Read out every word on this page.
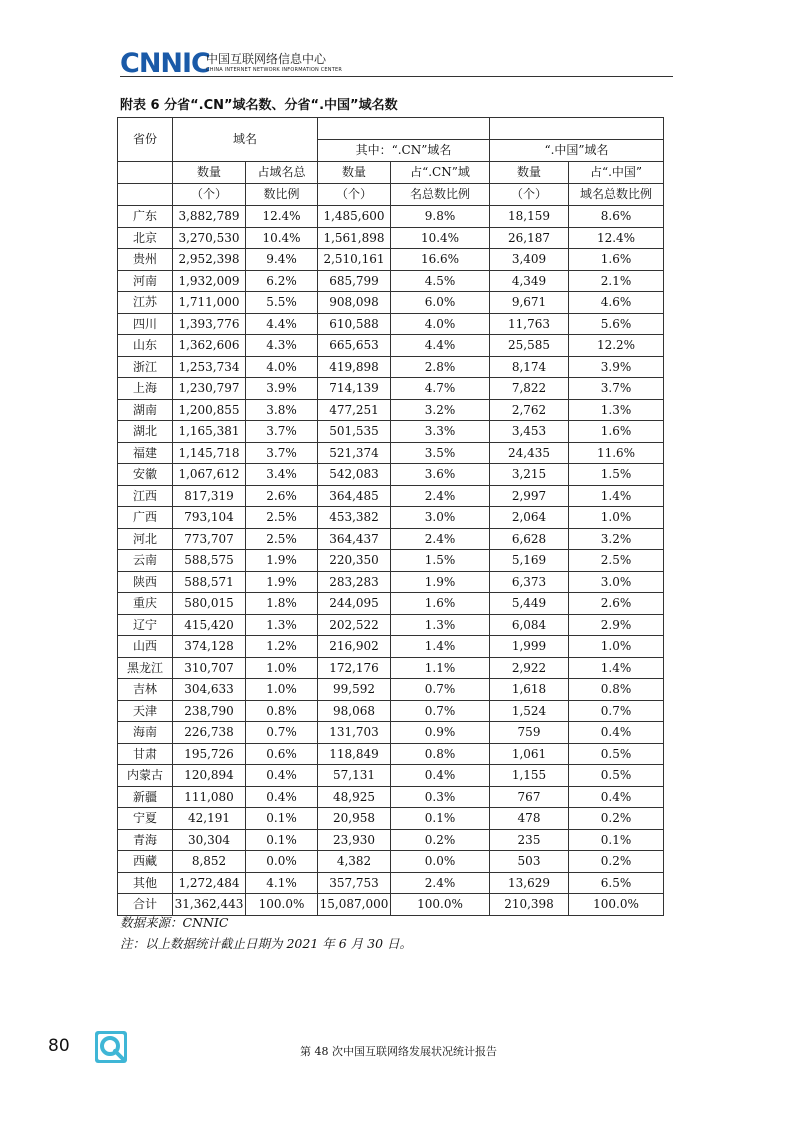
CNNIC
中国互联网络信息中心
CHINA INTERNET NETWORK INFORMATION CENTER
附表 6 分省“.CN”域名数、分省“.中国”域名数
省份	域名					
			其中：“.CN”域名		“.中国”域名	
	数量	占域名总	数量	占“.CN”域	数量	占“.中国”
	（个）	数比例	（个）	名总数比例	（个）	域名总数比例
广东	3,882,789	12.4%	1,485,600	9.8%	18,159	8.6%
北京	3,270,530	10.4%	1,561,898	10.4%	26,187	12.4%
贵州	2,952,398	9.4%	2,510,161	16.6%	3,409	1.6%
河南	1,932,009	6.2%	685,799	4.5%	4,349	2.1%
江苏	1,711,000	5.5%	908,098	6.0%	9,671	4.6%
四川	1,393,776	4.4%	610,588	4.0%	11,763	5.6%
山东	1,362,606	4.3%	665,653	4.4%	25,585	12.2%
浙江	1,253,734	4.0%	419,898	2.8%	8,174	3.9%
上海	1,230,797	3.9%	714,139	4.7%	7,822	3.7%
湖南	1,200,855	3.8%	477,251	3.2%	2,762	1.3%
湖北	1,165,381	3.7%	501,535	3.3%	3,453	1.6%
福建	1,145,718	3.7%	521,374	3.5%	24,435	11.6%
安徽	1,067,612	3.4%	542,083	3.6%	3,215	1.5%
江西	817,319	2.6%	364,485	2.4%	2,997	1.4%
广西	793,104	2.5%	453,382	3.0%	2,064	1.0%
河北	773,707	2.5%	364,437	2.4%	6,628	3.2%
云南	588,575	1.9%	220,350	1.5%	5,169	2.5%
陕西	588,571	1.9%	283,283	1.9%	6,373	3.0%
重庆	580,015	1.8%	244,095	1.6%	5,449	2.6%
辽宁	415,420	1.3%	202,522	1.3%	6,084	2.9%
山西	374,128	1.2%	216,902	1.4%	1,999	1.0%
黑龙江	310,707	1.0%	172,176	1.1%	2,922	1.4%
吉林	304,633	1.0%	99,592	0.7%	1,618	0.8%
天津	238,790	0.8%	98,068	0.7%	1,524	0.7%
海南	226,738	0.7%	131,703	0.9%	759	0.4%
甘肃	195,726	0.6%	118,849	0.8%	1,061	0.5%
内蒙古	120,894	0.4%	57,131	0.4%	1,155	0.5%
新疆	111,080	0.4%	48,925	0.3%	767	0.4%
宁夏	42,191	0.1%	20,958	0.1%	478	0.2%
青海	30,304	0.1%	23,930	0.2%	235	0.1%
西藏	8,852	0.0%	4,382	0.0%	503	0.2%
其他	1,272,484	4.1%	357,753	2.4%	13,629	6.5%
合计	31,362,443	100.0%	15,087,000	100.0%	210,398	100.0%
数据来源：CNNIC
注：以上数据统计截止日期为 2021 年 6 月 30 日。
80	第 48 次中国互联网络发展状况统计报告
